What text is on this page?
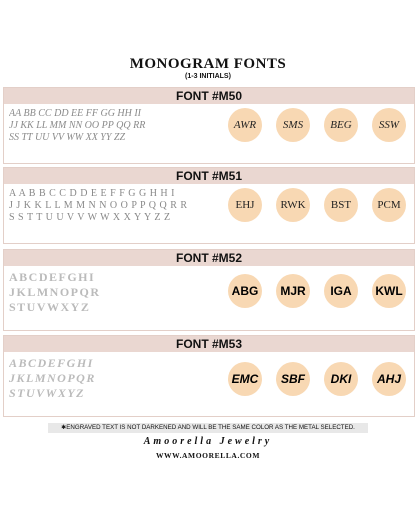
MONOGRAM FONTS
(1-3 INITIALS)
FONT #M50
AA BB CC DD EE FF GG HH II
JJ KK LL MM NN OO PP QQ RR
SS TT UU VV WW XX YY ZZ
AWR	SMS	BEG	SSW
FONT #M51
A A B B C C D D E E F F G G H H I
J J K K L L M M N N O O P P Q Q R R
S S T T U U V V W W X X Y Y Z Z
EHJ	RWK	BST	PCM
FONT #M52
ABCDEFGHI
JKLMNOPQR
STUVWXYZ
ABG	MJR	IGA	KWL
FONT #M53
ABCDEFGHI
JKLMNOPQR
STUVWXYZ
EMC	SBF	DKI	AHJ
✱ENGRAVED TEXT IS NOT DARKENED AND WILL BE THE SAME COLOR AS THE METAL SELECTED.
Amoorella Jewelry
WWW.AMOORELLA.COM
